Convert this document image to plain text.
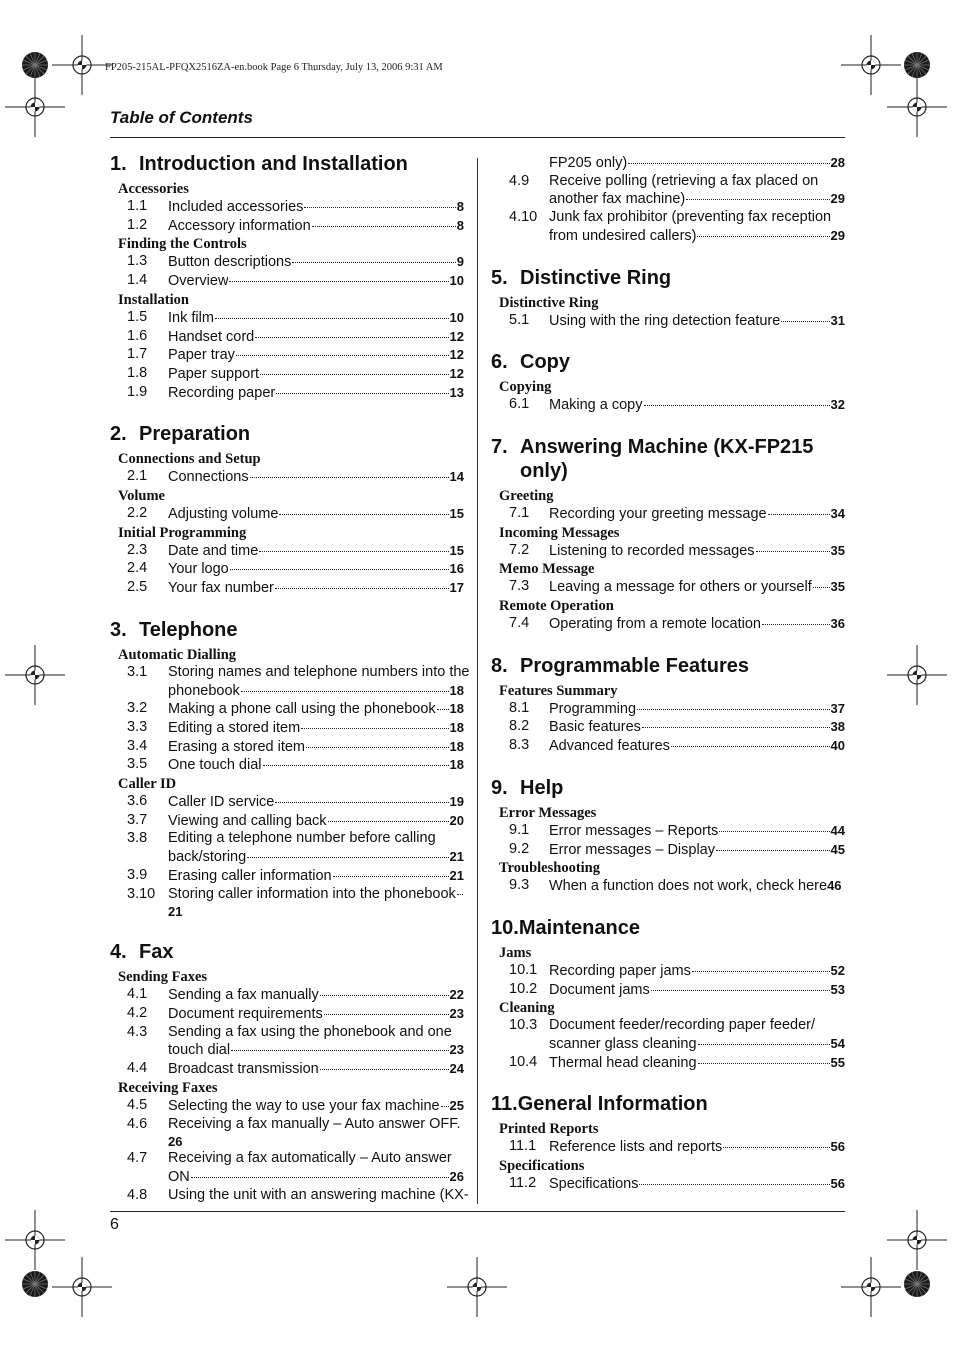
FP205-215AL-PFQX2516ZA-en.book Page 6 Thursday, July 13, 2006 9:31 AM
Table of Contents
6
1. Introduction and Installation
Accessories
1.1 Included accessories	8
1.2 Accessory information	8
Finding the Controls
1.3 Button descriptions	9
1.4 Overview	10
Installation
1.5 Ink film	10
1.6 Handset cord	12
1.7 Paper tray	12
1.8 Paper support	12
1.9 Recording paper	13
2. Preparation
Connections and Setup
2.1 Connections	14
Volume
2.2 Adjusting volume	15
Initial Programming
2.3 Date and time	15
2.4 Your logo	16
2.5 Your fax number	17
3. Telephone
Automatic Dialling
3.1 Storing names and telephone numbers into the
phonebook	18
3.2 Making a phone call using the phonebook 18
3.3 Editing a stored item	18
3.4 Erasing a stored item	18
3.5 One touch dial	18
Caller ID
3.6 Caller ID service	19
3.7 Viewing and calling back	20
3.8 Editing a telephone number before calling
back/storing	21
3.9 Erasing caller information	21
3.10 Storing caller information into the phonebook
21
4. Fax
Sending Faxes
4.1 Sending a fax manually	22
4.2 Document requirements	23
4.3 Sending a fax using the phonebook and one
touch dial	23
4.4 Broadcast transmission	24
Receiving Faxes
4.5 Selecting the way to use your fax machine 25
4.6 Receiving a fax manually – Auto answer OFF.
26
4.7 Receiving a fax automatically – Auto answer
ON	26
4.8 Using the unit with an answering machine (KX-
FP205 only)	28
4.9 Receive polling (retrieving a fax placed on
another fax machine)	29
4.10 Junk fax prohibitor (preventing fax reception
from undesired callers)	29
5. Distinctive Ring
Distinctive Ring
5.1 Using with the ring detection feature	31
6. Copy
Copying
6.1 Making a copy	32
7. Answering Machine (KX-FP215 only)
Greeting
7.1 Recording your greeting message	34
Incoming Messages
7.2 Listening to recorded messages	35
Memo Message
7.3 Leaving a message for others or yourself 35
Remote Operation
7.4 Operating from a remote location	36
8. Programmable Features
Features Summary
8.1 Programming	37
8.2 Basic features	38
8.3 Advanced features	40
9. Help
Error Messages
9.1 Error messages – Reports	44
9.2 Error messages – Display	45
Troubleshooting
9.3 When a function does not work, check here 46
10. Maintenance
Jams
10.1 Recording paper jams	52
10.2 Document jams	53
Cleaning
10.3 Document feeder/recording paper feeder/
scanner glass cleaning	54
10.4 Thermal head cleaning	55
11. General Information
Printed Reports
11.1 Reference lists and reports	56
Specifications
11.2 Specifications	56
